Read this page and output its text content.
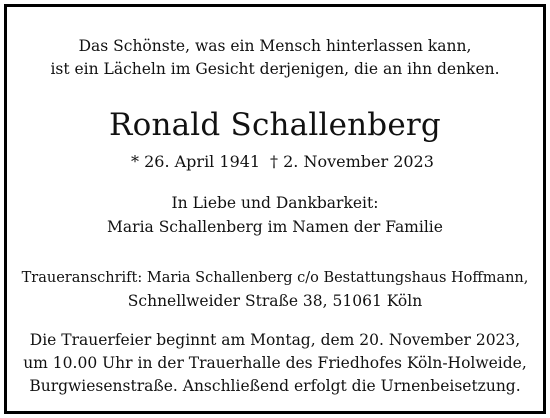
Das Schönste, was ein Mensch hinterlassen kann,
ist ein Lächeln im Gesicht derjenigen, die an ihn denken.
Ronald Schallenberg
* 26. April 1941 † 2. November 2023
In Liebe und Dankbarkeit:
Maria Schallenberg im Namen der Familie
Traueranschrift: Maria Schallenberg c/o Bestattungshaus Hoffmann,
Schnellweider Straße 38, 51061 Köln
Die Trauerfeier beginnt am Montag, dem 20. November 2023,
um 10.00 Uhr in der Trauerhalle des Friedhofes Köln-Holweide,
Burgwiesenstraße. Anschließend erfolgt die Urnenbeisetzung.
